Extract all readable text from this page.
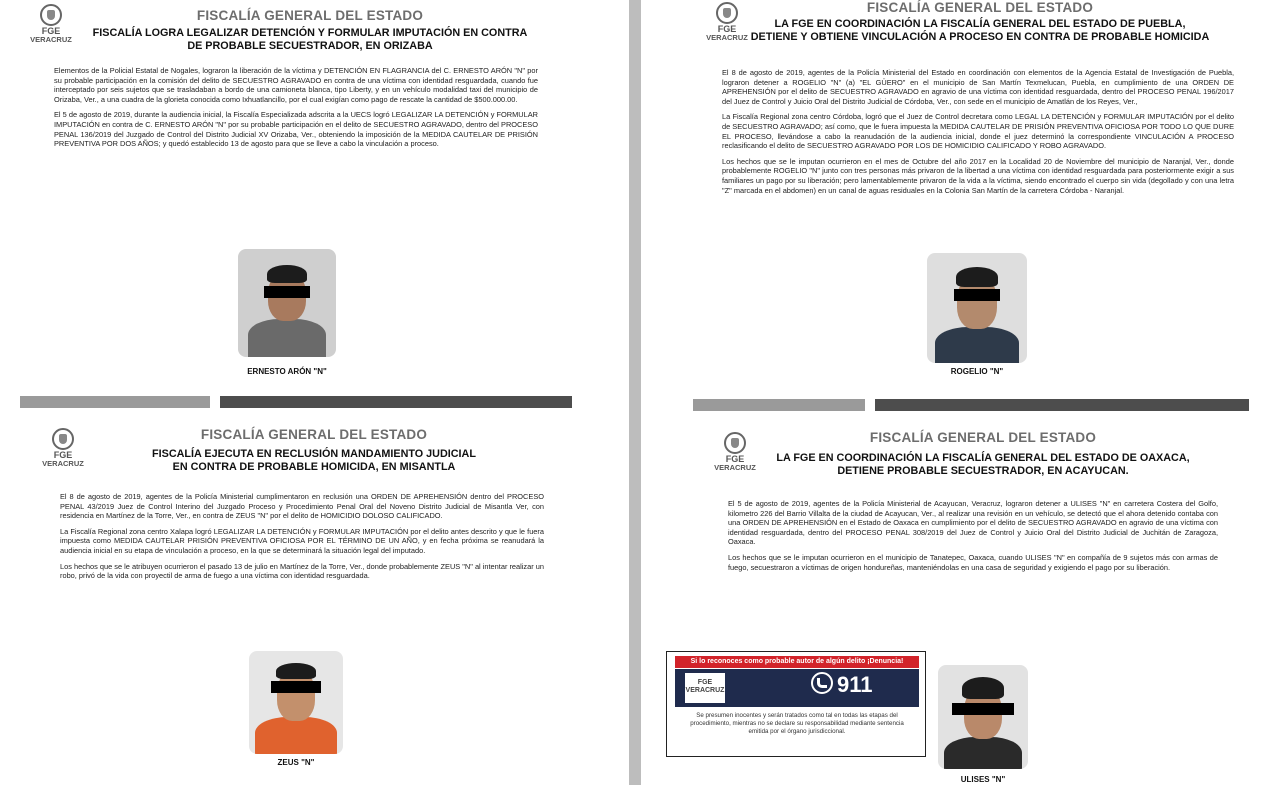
FGE
VERACRUZ
FISCALÍA GENERAL DEL ESTADO
FISCALÍA LOGRA LEGALIZAR DETENCIÓN Y FORMULAR IMPUTACIÓN EN CONTRA
DE PROBABLE SECUESTRADOR, EN ORIZABA

Elementos de la Policial Estatal de Nogales, lograron la liberación de la víctima y DETENCIÓN EN FLAGRANCIA del C. ERNESTO ARÓN "N" por su probable participación en la comisión del delito de SECUESTRO AGRAVADO en contra de una víctima con identidad resguardada, cuando fue interceptado por seis sujetos que se trasladaban a bordo de una camioneta blanca, tipo Liberty, y en un vehículo modalidad taxi del municipio de Orizaba, Ver., a una cuadra de la glorieta conocida como Ixhuatlancillo, por el cual exigían como pago de rescate la cantidad de $500.000.00.

El 5 de agosto de 2019, durante la audiencia inicial, la Fiscalía Especializada adscrita a la UECS logró LEGALIZAR LA DETENCIÓN y FORMULAR IMPUTACIÓN en contra de C. ERNESTO ARÓN "N" por su probable participación en el delito de SECUESTRO AGRAVADO, dentro del PROCESO PENAL 136/2019 del Juzgado de Control del Distrito Judicial XV Orizaba, Ver., obteniendo la imposición de la MEDIDA CAUTELAR DE PRISIÓN PREVENTIVA POR DOS AÑOS; y quedó establecido 13 de agosto para que se lleve a cabo la vinculación a proceso.

ERNESTO ARÓN "N"
FGE
VERACRUZ
FISCALÍA GENERAL DEL ESTADO
LA FGE EN COORDINACIÓN LA FISCALÍA GENERAL DEL ESTADO DE PUEBLA,
DETIENE Y OBTIENE VINCULACIÓN A PROCESO EN CONTRA DE PROBABLE HOMICIDA

El 8 de agosto de 2019, agentes de la Policía Ministerial del Estado en coordinación con elementos de la Agencia Estatal de Investigación de Puebla, lograron detener a ROGELIO "N" (a) "EL GÜERO" en el municipio de San Martín Texmelucan, Puebla, en cumplimiento de una ORDEN DE APREHENSIÓN por el delito de SECUESTRO AGRAVADO en agravio de una víctima con identidad resguardada, dentro del PROCESO PENAL 196/2017 del Juez de Control y Juicio Oral del Distrito Judicial de Córdoba, Ver., con sede en el municipio de Amatlán de los Reyes, Ver.,

La Fiscalía Regional zona centro Córdoba, logró que el Juez de Control decretara como LEGAL LA DETENCIÓN y FORMULAR IMPUTACIÓN por el delito de SECUESTRO AGRAVADO; así como, que le fuera impuesta la MEDIDA CAUTELAR DE PRISIÓN PREVENTIVA OFICIOSA POR TODO LO QUE DURE EL PROCESO, llevándose a cabo la reanudación de la audiencia inicial, donde el juez determinó la correspondiente VINCULACIÓN A PROCESO reclasificando el delito de SECUESTRO AGRAVADO POR LOS DE HOMICIDIO CALIFICADO Y ROBO AGRAVADO.

Los hechos que se le imputan ocurrieron en el mes de Octubre del año 2017 en la Localidad 20 de Noviembre del municipio de Naranjal, Ver., donde probablemente ROGELIO "N" junto con tres personas más privaron de la libertad a una víctima con identidad resguardada para posteriormente exigir a sus familiares un pago por su liberación; pero lamentablemente privaron de la vida a la víctima, siendo encontrado el cuerpo sin vida (degollado y con una letra "Z" marcada en el abdomen) en un canal de aguas residuales en la Colonia San Martín de la carretera Córdoba - Naranjal.

ROGELIO "N"
FGE
VERACRUZ
FISCALÍA GENERAL DEL ESTADO
FISCALÍA EJECUTA EN RECLUSIÓN MANDAMIENTO JUDICIAL
EN CONTRA DE PROBABLE HOMICIDA, EN MISANTLA

El 8 de agosto de 2019, agentes de la Policía Ministerial cumplimentaron en reclusión una ORDEN DE APREHENSIÓN dentro del PROCESO PENAL 43/2019 Juez de Control Interino del Juzgado Proceso y Procedimiento Penal Oral del Noveno Distrito Judicial de Misantla Ver, con residencia en Martínez de la Torre, Ver., en contra de ZEUS "N" por el delito de HOMICIDIO DOLOSO CALIFICADO.

La Fiscalía Regional zona centro Xalapa logró LEGALIZAR LA DETENCIÓN y FORMULAR IMPUTACIÓN por el delito antes descrito y que le fuera impuesta como MEDIDA CAUTELAR PRISIÓN PREVENTIVA OFICIOSA POR EL TÉRMINO DE UN AÑO, y en fecha próxima se reanudará la audiencia inicial en su etapa de vinculación a proceso, en la que se determinará la situación legal del imputado.

Los hechos que se le atribuyen ocurrieron el pasado 13 de julio en Martínez de la Torre, Ver., donde probablemente ZEUS "N" al intentar realizar un robo, privó de la vida con proyectil de arma de fuego a una víctima con identidad resguardada.

ZEUS "N"
FGE
VERACRUZ
FISCALÍA GENERAL DEL ESTADO
LA FGE EN COORDINACIÓN LA FISCALÍA GENERAL DEL ESTADO DE OAXACA,
DETIENE PROBABLE SECUESTRADOR, EN ACAYUCAN.

El 5 de agosto de 2019, agentes de la Policía Ministerial de Acayucan, Veracruz, lograron detener a ULISES "N" en carretera Costera del Golfo, kilometro 226 del Barrio Villalta de la ciudad de Acayucan, Ver., al realizar una revisión en un vehículo, se detectó que el ahora detenido contaba con una ORDEN DE APREHENSIÓN en el Estado de Oaxaca en cumplimiento por el delito de SECUESTRO AGRAVADO en agravio de una víctima con identidad resguardada, dentro del PROCESO PENAL 308/2019 del Juez de Control y Juicio Oral del Distrito Judicial de Juchitán de Zaragoza, Oaxaca.

Los hechos que se le imputan ocurrieron en el municipio de Tanatepec, Oaxaca, cuando ULISES "N" en compañía de 9 sujetos más con armas de fuego, secuestraron a víctimas de origen hondureñas, manteniéndolas en una casa de seguridad y exigiendo el pago por su liberación.

Si lo reconoces como probable autor de algún delito ¡Denuncia!
FGE
VERACRUZ	911
Se presumen inocentes y serán tratados como tal en todas las etapas del procedimiento, mientras no se declare su responsabilidad mediante sentencia emitida por el órgano jurisdiccional.
ULISES "N"
